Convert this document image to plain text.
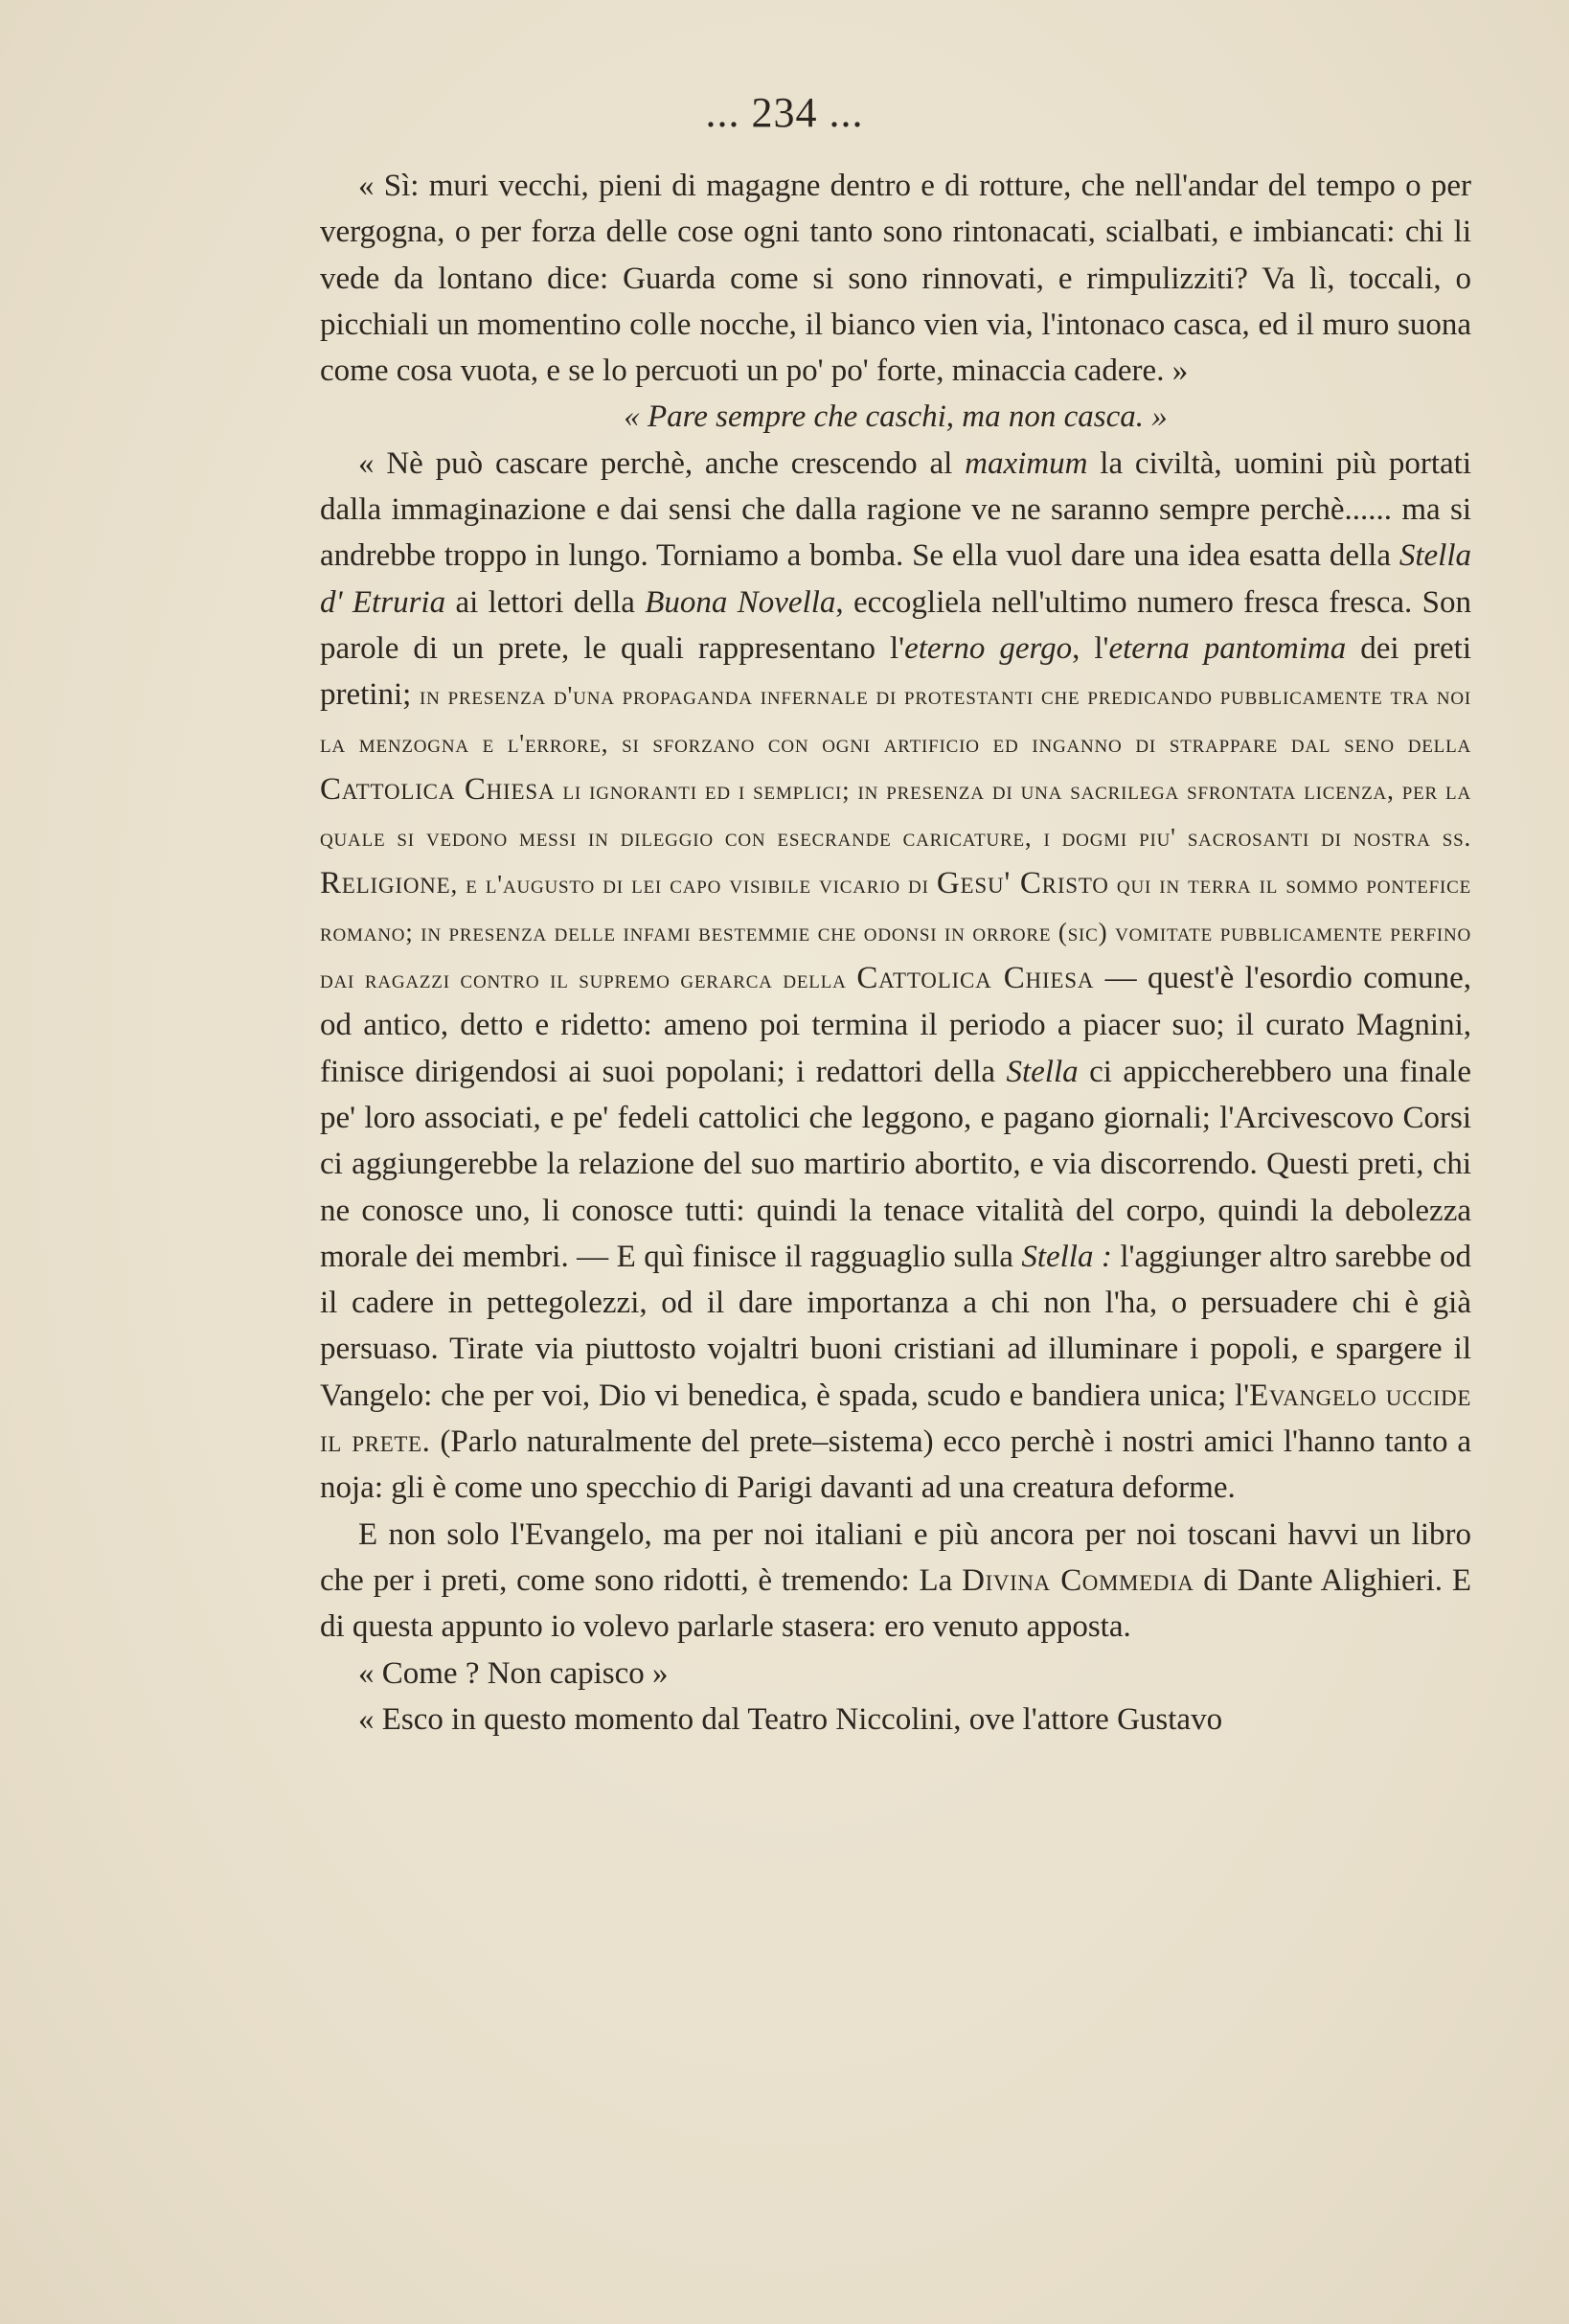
... 234 ...

« Sì: muri vecchi, pieni di magagne dentro e di rotture, che nell'andar del tempo o per vergogna, o per forza delle cose ogni tanto sono rintonacati, scialbati, e imbiancati: chi li vede da lontano dice: Guarda come si sono rinnovati, e rimpulizziti? Va lì, toccali, o picchiali un momentino colle nocche, il bianco vien via, l'intonaco casca, ed il muro suona come cosa vuota, e se lo percuoti un po' po' forte, minaccia cadere. »

« Pare sempre che caschi, ma non casca. »

« Nè può cascare perchè, anche crescendo al maximum la civiltà, uomini più portati dalla immaginazione e dai sensi che dalla ragione ve ne saranno sempre perchè...... ma si andrebbe troppo in lungo. Torniamo a bomba. Se ella vuol dare una idea esatta della Stella d' Etruria ai lettori della Buona Novella, eccogliela nell'ultimo numero fresca fresca. Son parole di un prete, le quali rappresentano l'eterno gergo, l'eterna pantomima dei preti pretini; in presenza d'una propaganda infernale di protestanti che predicando pubblicamente tra noi la menzogna e l'errore, si sforzano con ogni artificio ed inganno di strappare dal seno della Cattolica Chiesa li ignoranti ed i semplici; in presenza di una sacrilega sfrontata licenza, per la quale si vedono messi in dileggio con esecrande caricature, i dogmi piu' sacrosanti di nostra ss. Religione, e l'augusto di lei capo visibile vicario di Gesu' Cristo qui in terra il sommo pontefice romano; in presenza delle infami bestemmie che odonsi in orrore (sic) vomitate pubblicamente perfino dai ragazzi contro il supremo gerarca della Cattolica Chiesa — quest'è l'esordio comune, od antico, detto e ridetto: ameno poi termina il periodo a piacer suo; il curato Magnini, finisce dirigendosi ai suoi popolani; i redattori della Stella ci appiccherebbero una finale pe' loro associati, e pe' fedeli cattolici che leggono, e pagano giornali; l'Arcivescovo Corsi ci aggiungerebbe la relazione del suo martirio abortito, e via discorrendo. Questi preti, chi ne conosce uno, li conosce tutti: quindi la tenace vitalità del corpo, quindi la debolezza morale dei membri. — E quì finisce il ragguaglio sulla Stella : l'aggiunger altro sarebbe od il cadere in pettegolezzi, od il dare importanza a chi non l'ha, o persuadere chi è già persuaso. Tirate via piuttosto vojaltri buoni cristiani ad illuminare i popoli, e spargere il Vangelo: che per voi, Dio vi benedica, è spada, scudo e bandiera unica; l'Evangelo uccide il prete. (Parlo naturalmente del prete–sistema) ecco perchè i nostri amici l'hanno tanto a noja: gli è come uno specchio di Parigi davanti ad una creatura deforme.

E non solo l'Evangelo, ma per noi italiani e più ancora per noi toscani havvi un libro che per i preti, come sono ridotti, è tremendo: La Divina Commedia di Dante Alighieri. E di questa appunto io volevo parlarle stasera: ero venuto apposta.

« Come ? Non capisco »

« Esco in questo momento dal Teatro Niccolini, ove l'attore Gustavo
